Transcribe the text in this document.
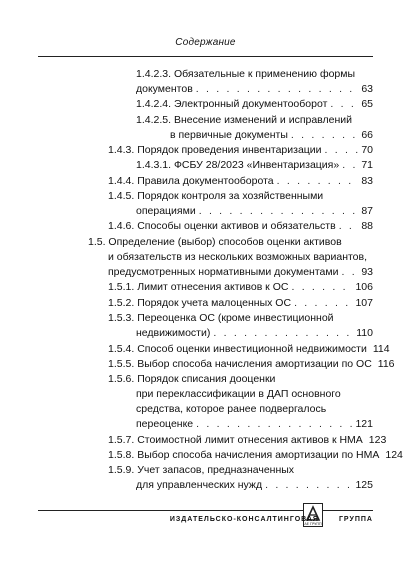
Содержание
1.4.2.3. Обязательные к применению формы
документов . . .	63
1.4.2.4. Электронный документооборот . . .	65
1.4.2.5. Внесение изменений и исправлений
в первичные документы . . .	66
1.4.3. Порядок проведения инвентаризации . . .	70
1.4.3.1. ФСБУ 28/2023 «Инвентаризация» . . . 71
1.4.4. Правила документооборота . . .	83
1.4.5. Порядок контроля за хозяйственными
операциями . . .	87
1.4.6. Способы оценки активов и обязательств . . . 88
1.5. Определение (выбор) способов оценки активов
и обязательств из нескольких возможных вариантов,
предусмотренных нормативными документами . . . 93
1.5.1. Лимит отнесения активов к ОС . . .	106
1.5.2. Порядок учета малоценных ОС . . .	107
1.5.3. Переоценка ОС (кроме инвестиционной
недвижимости) . . .	110
1.5.4. Способ оценки инвестиционной недвижимости 114
1.5.5. Выбор способа начисления амортизации по ОС 116
1.5.6. Порядок списания дооценки
при переклассификации в ДАП основного
средства, которое ранее подвергалось
переоценке . . .	121
1.5.7. Стоимостной лимит отнесения активов к НМА 123
1.5.8. Выбор способа начисления амортизации по НМА 124
1.5.9. Учет запасов, предназначенных
для управленческих нужд . . .	125
АЕ ГРУПП
ИЗДАТЕЛЬСКО-КОНСАЛТИНГОВАЯ	ГРУППА
